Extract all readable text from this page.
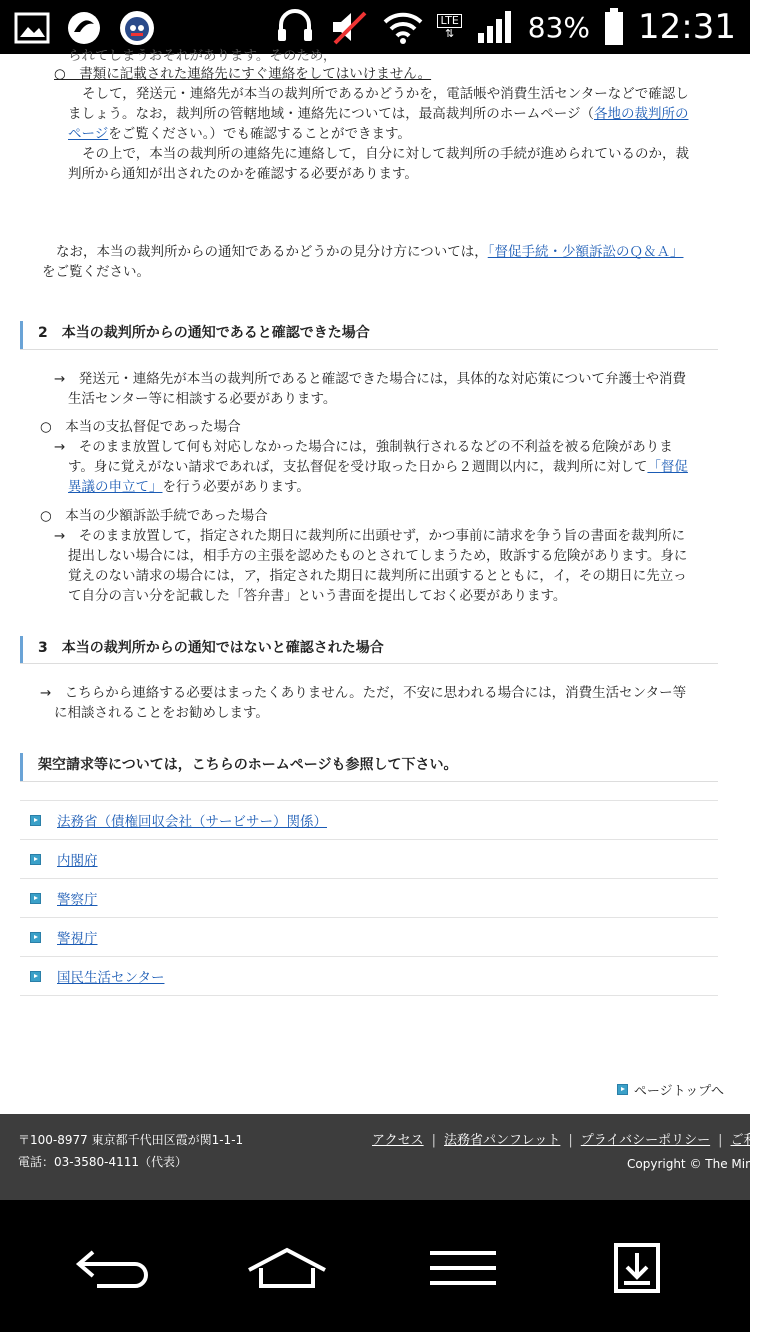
LTE
⇅	83% 12:31
られてしまうおそれがあります。そのため，
○　書類に記載された連絡先にすぐ連絡をしてはいけません。
そして，発送元・連絡先が本当の裁判所であるかどうかを，電話帳や消費生活センターなどで確認し
ましょう。なお，裁判所の管轄地域・連絡先については，最高裁判所のホームページ（各地の裁判所の
ページをご覧ください。）でも確認することができます。
その上で，本当の裁判所の連絡先に連絡して，自分に対して裁判所の手続が進められているのか，裁
判所から通知が出されたのかを確認する必要があります。
なお，本当の裁判所からの通知であるかどうかの見分け方については，「督促手続・少額訴訟のＱ＆Ａ」
をご覧ください。
2　本当の裁判所からの通知であると確認できた場合
→　発送元・連絡先が本当の裁判所であると確認できた場合には，具体的な対応策について弁護士や消費
生活センター等に相談する必要があります。
○　本当の支払督促であった場合
→　そのまま放置して何も対応しなかった場合には，強制執行されるなどの不利益を被る危険がありま
す。身に覚えがない請求であれば，支払督促を受け取った日から２週間以内に，裁判所に対して「督促
異議の申立て」を行う必要があります。
○　本当の少額訴訟手続であった場合
→　そのまま放置して，指定された期日に裁判所に出頭せず，かつ事前に請求を争う旨の書面を裁判所に
提出しない場合には，相手方の主張を認めたものとされてしまうため，敗訴する危険があります。身に
覚えのない請求の場合には，ア，指定された期日に裁判所に出頭するとともに，イ，その期日に先立っ
て自分の言い分を記載した「答弁書」という書面を提出しておく必要があります。
3　本当の裁判所からの通知ではないと確認された場合
→　こちらから連絡する必要はまったくありません。ただ，不安に思われる場合には，消費生活センター等
に相談されることをお勧めします。
架空請求等については，こちらのホームページも参照して下さい。
法務省（債権回収会社（サービサー）関係）
内閣府
警察庁
警視庁
国民生活センター
ページトップへ
〒100-8977 東京都千代田区霞が関1-1-1
電話：03-3580-4111（代表）
アクセス | 法務省パンフレット | プライバシーポリシー | ご利
Copyright © The Minis
